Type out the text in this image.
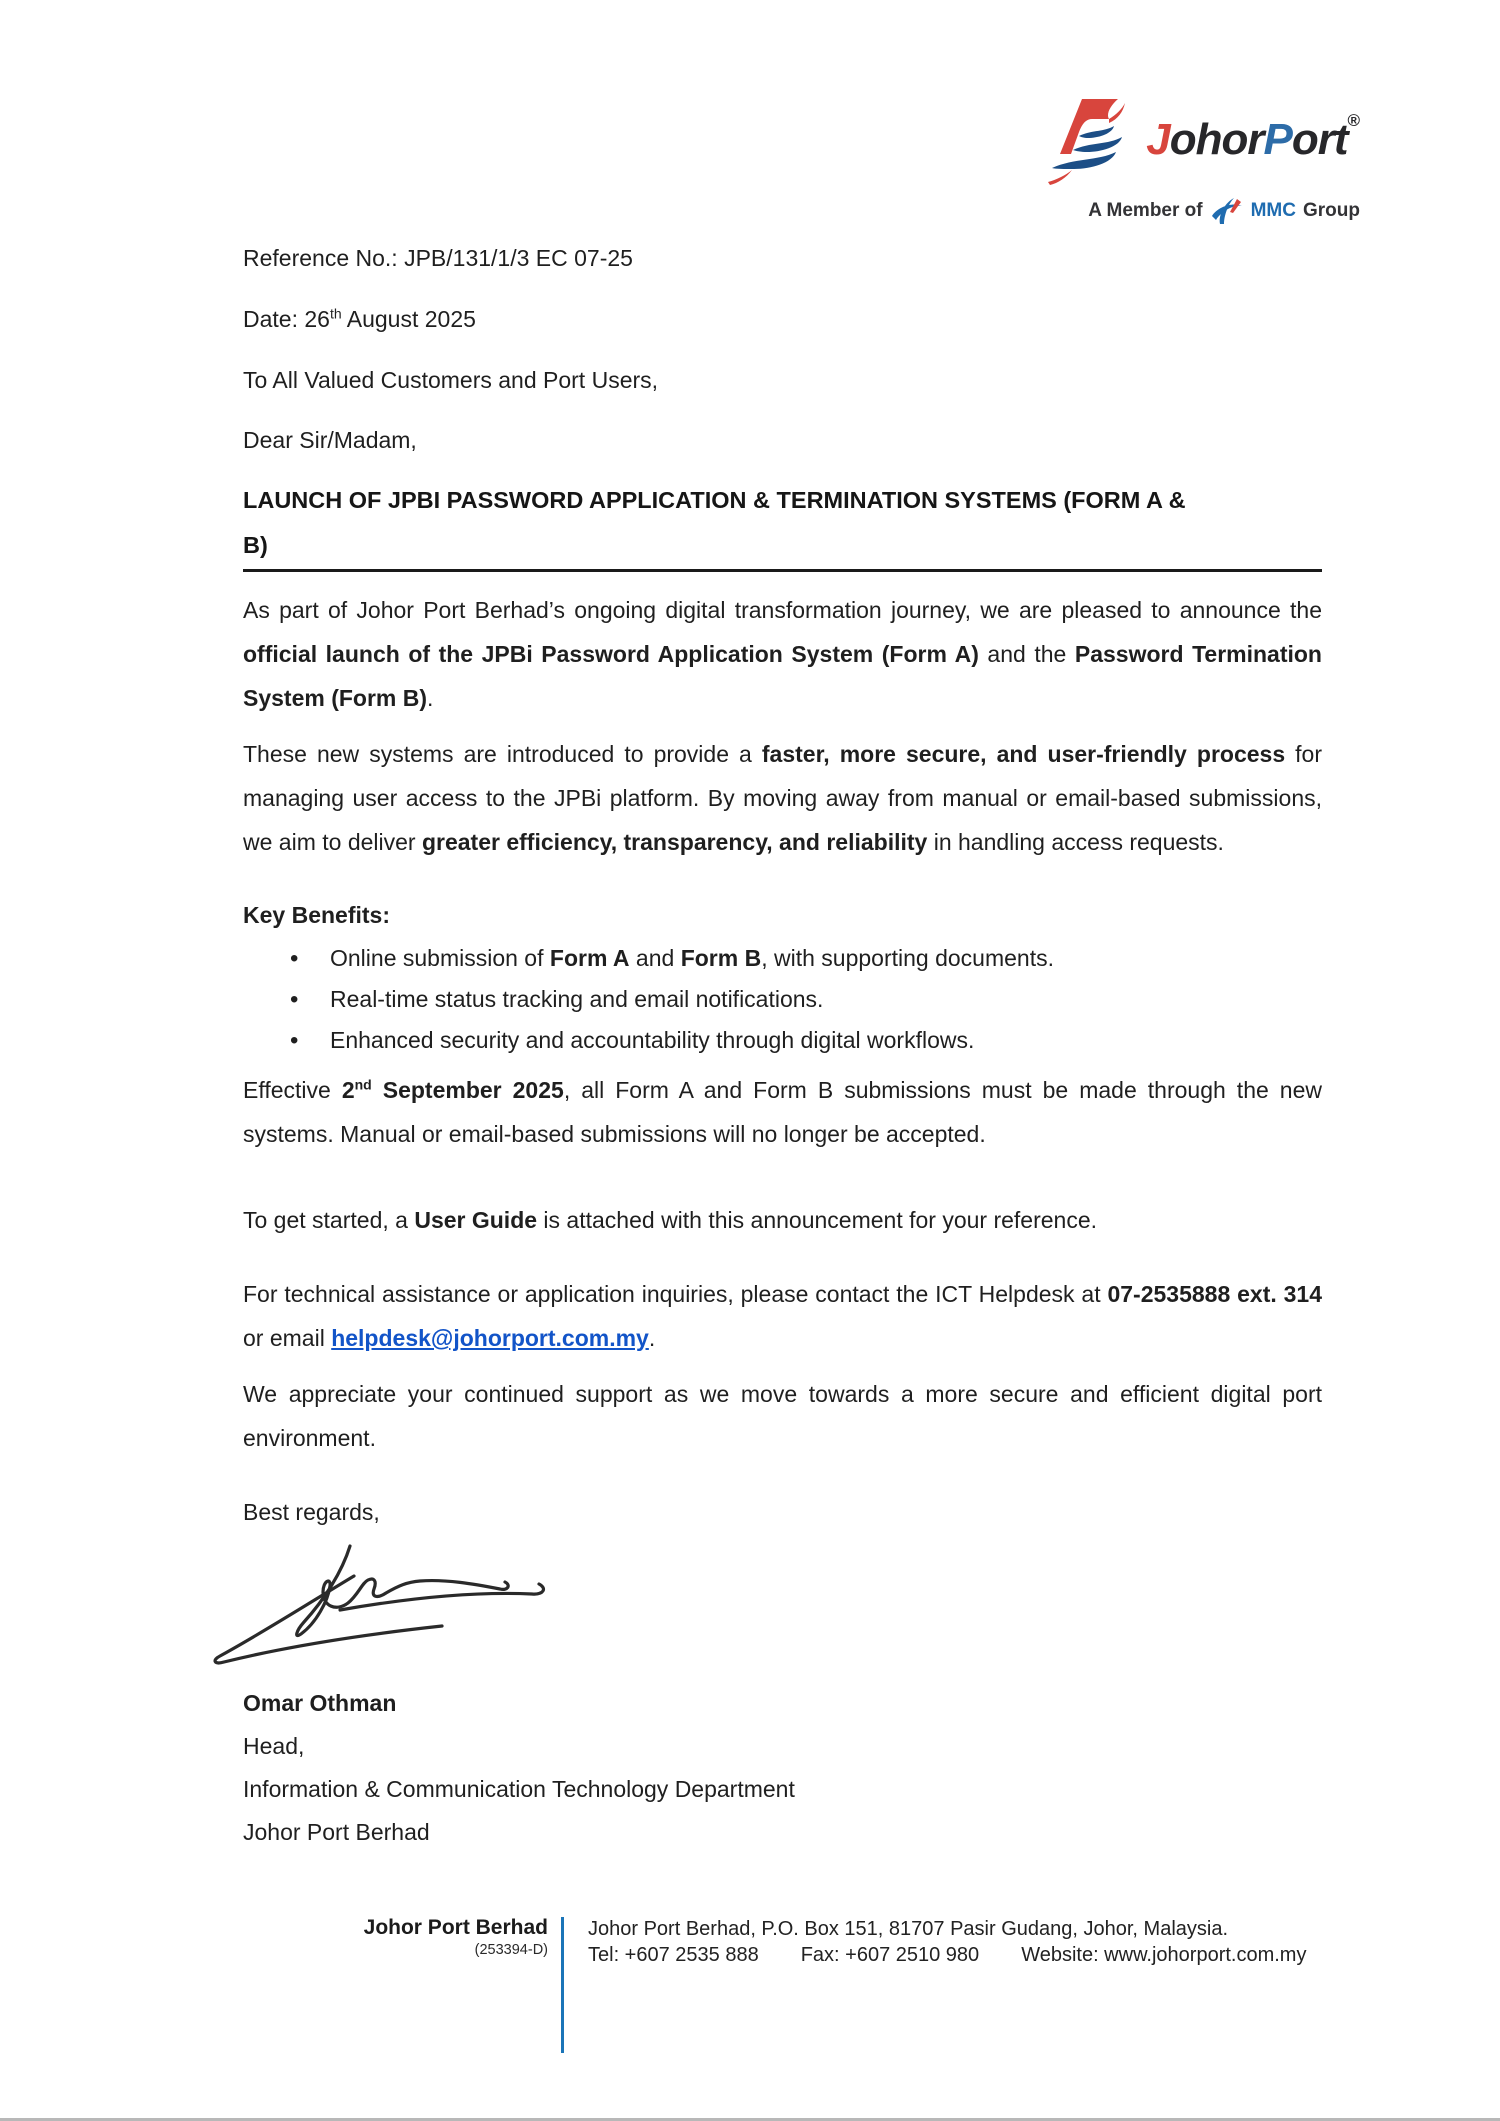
JohorPort®
A Member of	MMC Group

Reference No.: JPB/131/1/3 EC 07-25

Date: 26th August 2025

To All Valued Customers and Port Users,

Dear Sir/Madam,

LAUNCH OF JPBI PASSWORD APPLICATION & TERMINATION SYSTEMS (FORM A &
B)

As part of Johor Port Berhad’s ongoing digital transformation journey, we are pleased to announce the official launch of the JPBi Password Application System (Form A) and the Password Termination System (Form B).

These new systems are introduced to provide a faster, more secure, and user-friendly process for managing user access to the JPBi platform. By moving away from manual or email-based submissions, we aim to deliver greater efficiency, transparency, and reliability in handling access requests.

Key Benefits:

• Online submission of Form A and Form B, with supporting documents.
• Real-time status tracking and email notifications.
• Enhanced security and accountability through digital workflows.

Effective 2nd September 2025, all Form A and Form B submissions must be made through the new systems. Manual or email-based submissions will no longer be accepted.

To get started, a User Guide is attached with this announcement for your reference.

For technical assistance or application inquiries, please contact the ICT Helpdesk at 07-2535888 ext. 314 or email helpdesk@johorport.com.my.

We appreciate your continued support as we move towards a more secure and efficient digital port environment.

Best regards,

Omar Othman
Head,
Information & Communication Technology Department
Johor Port Berhad
Johor Port Berhad
(253394-D)
Johor Port Berhad, P.O. Box 151, 81707 Pasir Gudang, Johor, Malaysia.
Tel: +607 2535 888 Fax: +607 2510 980 Website: www.johorport.com.my
